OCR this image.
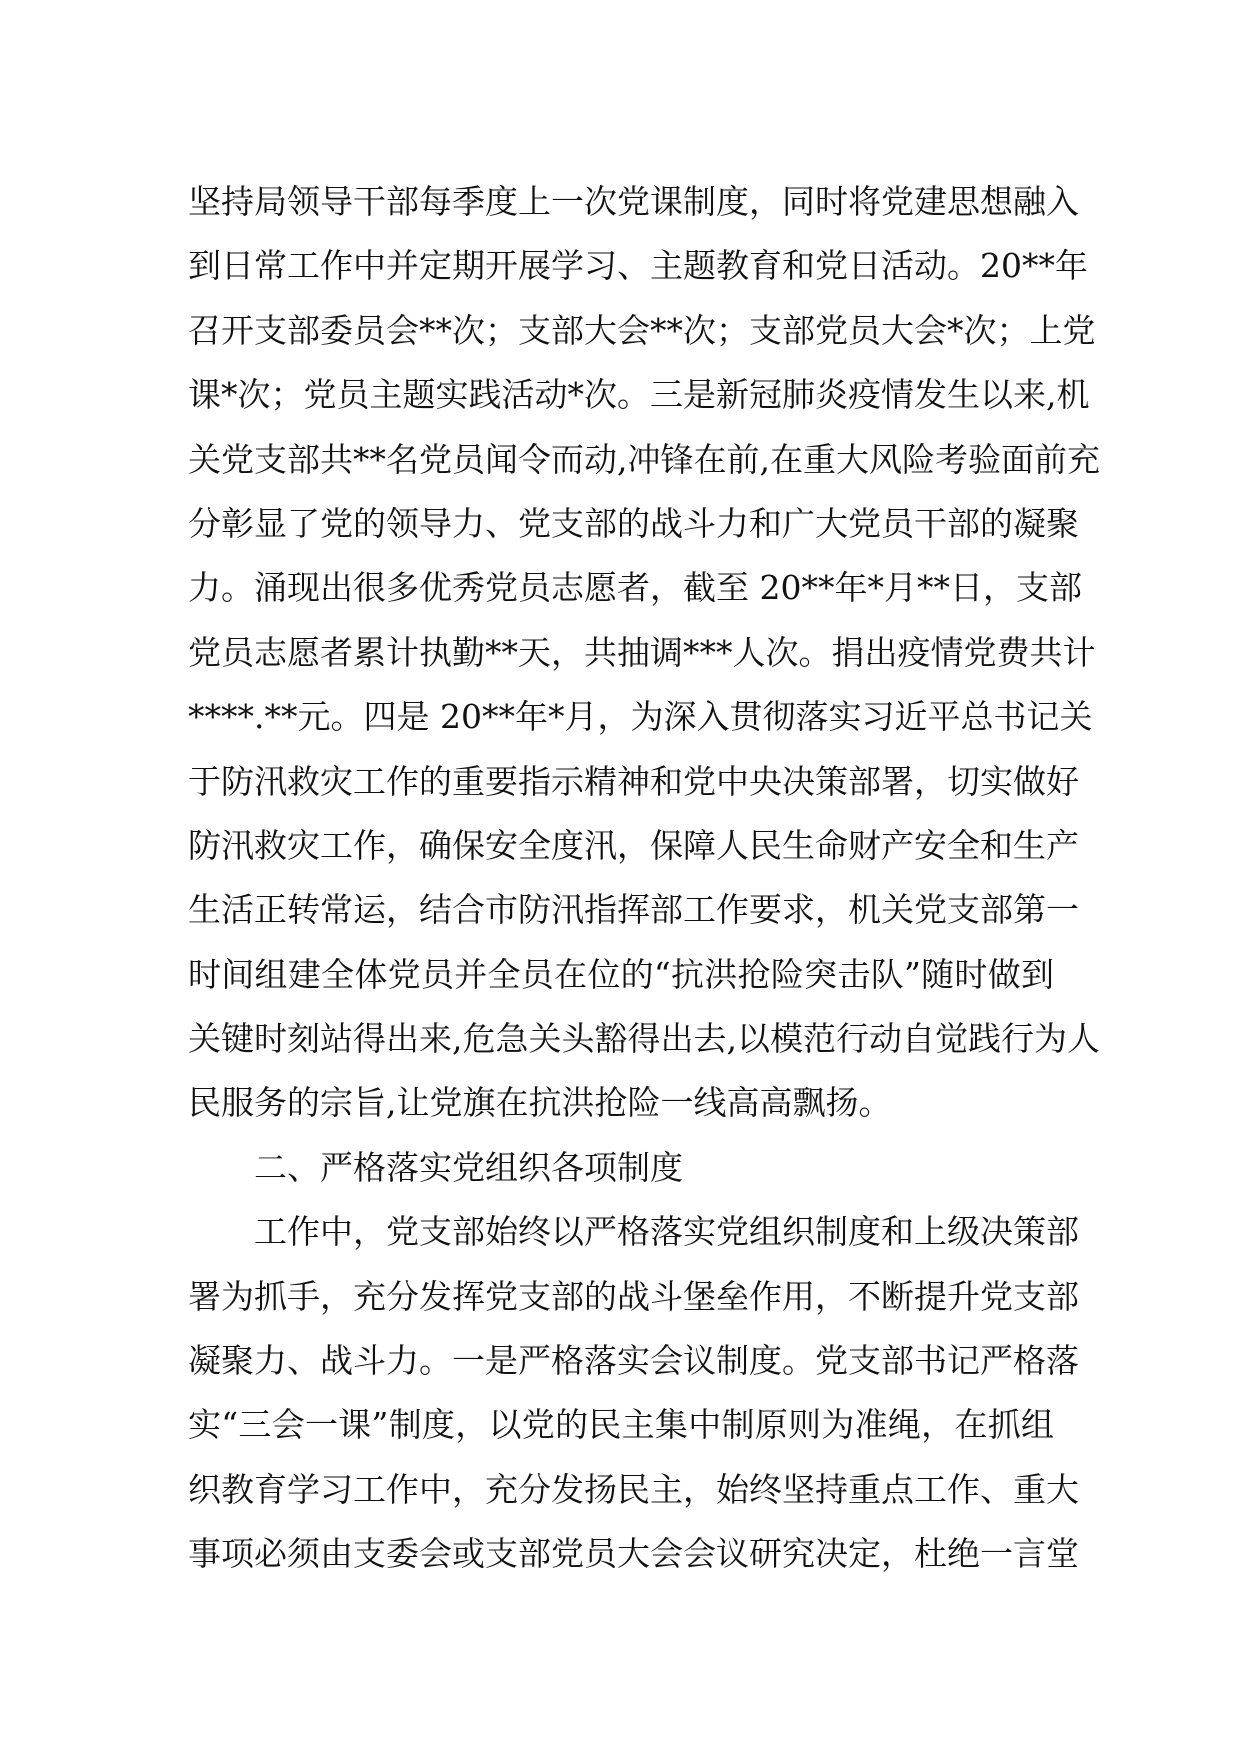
坚持局领导干部每季度上一次党课制度，同时将党建思想融入
到日常工作中并定期开展学习、主题教育和党日活动。20**年
召开支部委员会**次；支部大会**次；支部党员大会*次；上党
课*次；党员主题实践活动*次。三是新冠肺炎疫情发生以来,机
关党支部共**名党员闻令而动,冲锋在前,在重大风险考验面前充
分彰显了党的领导力、党支部的战斗力和广大党员干部的凝聚
力。涌现出很多优秀党员志愿者，截至 20**年*月**日，支部
党员志愿者累计执勤**天，共抽调***人次。捐出疫情党费共计
****.**元。四是 20**年*月，为深入贯彻落实习近平总书记关
于防汛救灾工作的重要指示精神和党中央决策部署，切实做好
防汛救灾工作，确保安全度汛，保障人民生命财产安全和生产
生活正转常运，结合市防汛指挥部工作要求，机关党支部第一
时间组建全体党员并全员在位的“抗洪抢险突击队”随时做到
关键时刻站得出来,危急关头豁得出去,以模范行动自觉践行为人
民服务的宗旨,让党旗在抗洪抢险一线高高飘扬。
二、严格落实党组织各项制度
工作中，党支部始终以严格落实党组织制度和上级决策部
署为抓手，充分发挥党支部的战斗堡垒作用，不断提升党支部
凝聚力、战斗力。一是严格落实会议制度。党支部书记严格落
实“三会一课”制度，以党的民主集中制原则为准绳，在抓组
织教育学习工作中，充分发扬民主，始终坚持重点工作、重大
事项必须由支委会或支部党员大会会议研究决定，杜绝一言堂
